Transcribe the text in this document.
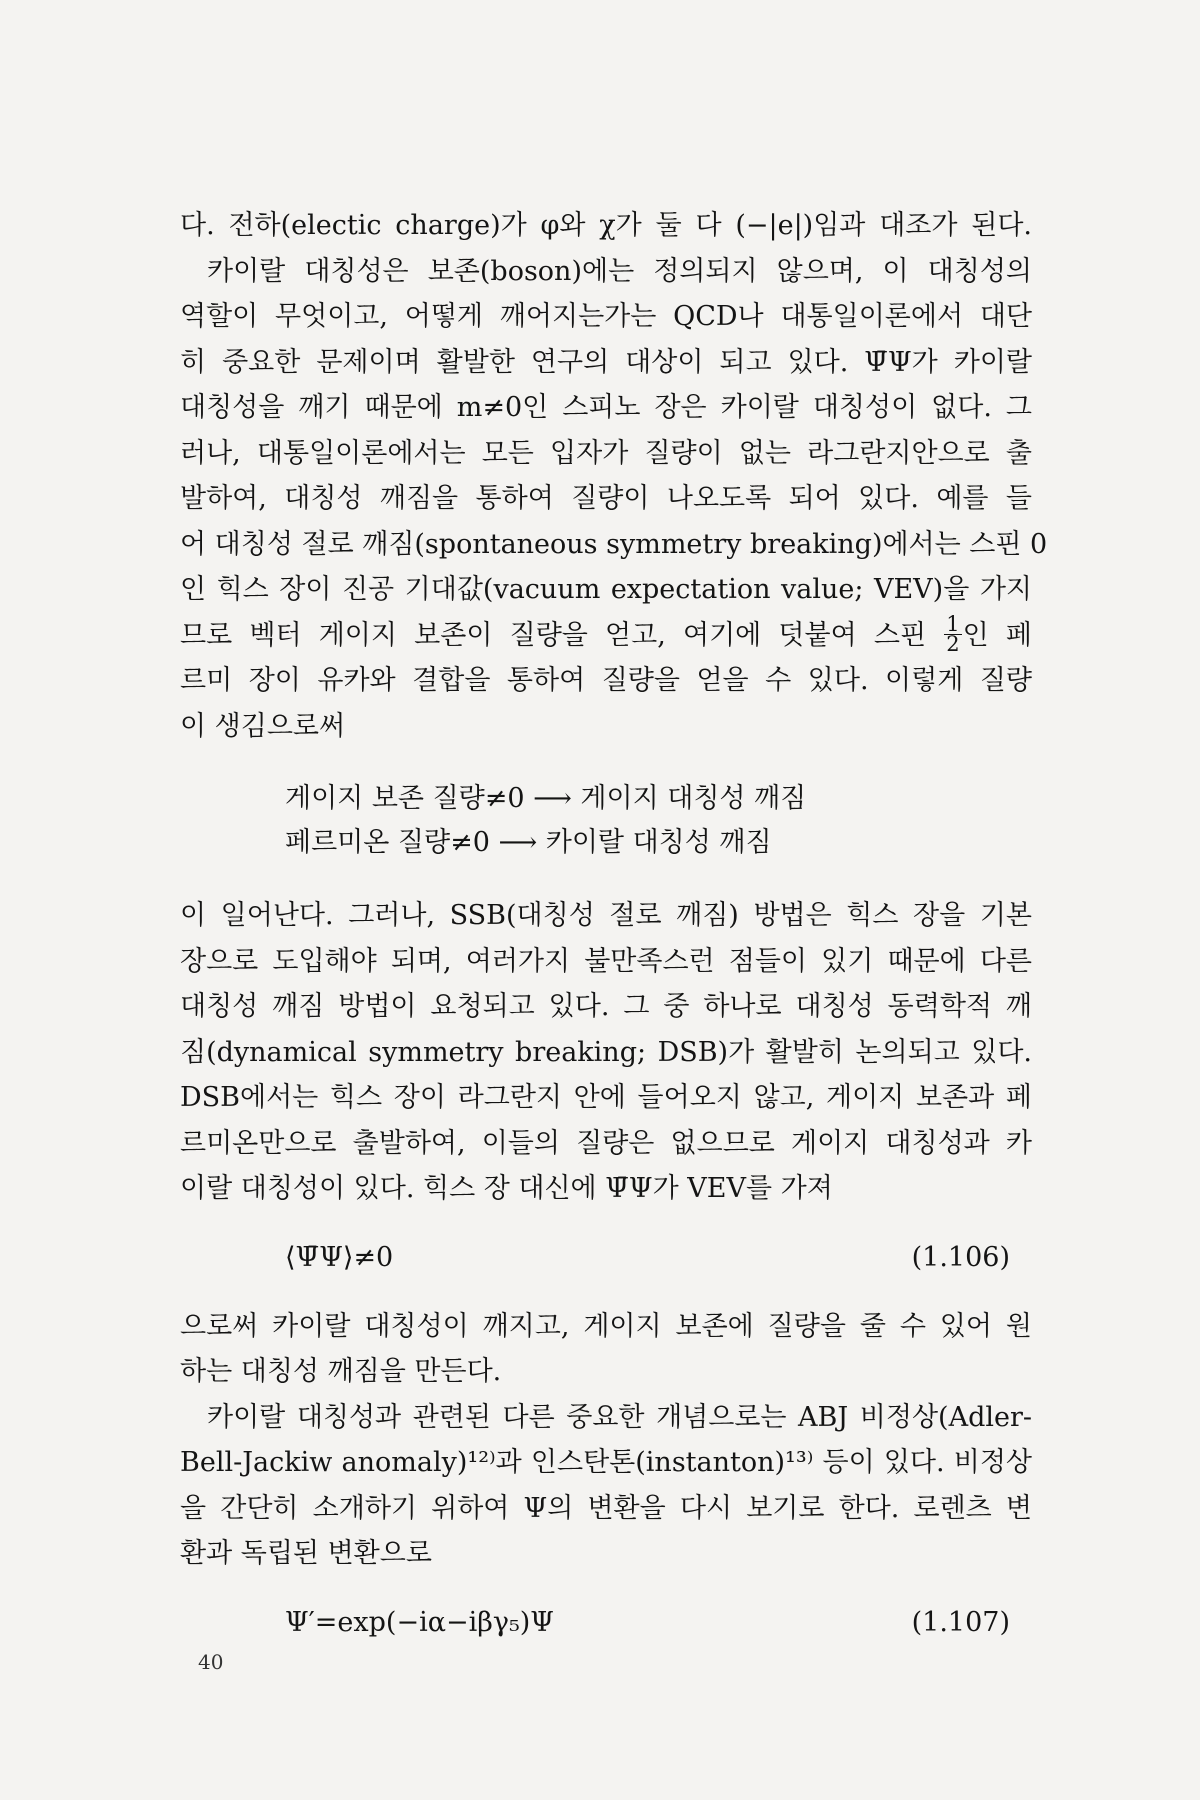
다. 전하(electic charge)가 φ와 χ가 둘 다 (−|e|)임과 대조가 된다.
카이랄 대칭성은 보존(boson)에는 정의되지 않으며, 이 대칭성의
역할이 무엇이고, 어떻게 깨어지는가는 QCD나 대통일이론에서 대단
히 중요한 문제이며 활발한 연구의 대상이 되고 있다. Ψ̄Ψ가 카이랄
대칭성을 깨기 때문에 m≠0인 스피노 장은 카이랄 대칭성이 없다. 그
러나, 대통일이론에서는 모든 입자가 질량이 없는 라그란지안으로 출
발하여, 대칭성 깨짐을 통하여 질량이 나오도록 되어 있다. 예를 들
어 대칭성 절로 깨짐(spontaneous symmetry breaking)에서는 스핀 0
인 힉스 장이 진공 기대값(vacuum expectation value; VEV)을 가지
므로 벡터 게이지 보존이 질량을 얻고, 여기에 덧붙여 스핀 $\frac{1}{2}$ 인 페
르미 장이 유카와 결합을 통하여 질량을 얻을 수 있다. 이렇게 질량
이 생김으로써
게이지 보존 질량≠0 ⟶ 게이지 대칭성 깨짐
페르미온 질량≠0 ⟶ 카이랄 대칭성 깨짐
이 일어난다. 그러나, SSB(대칭성 절로 깨짐) 방법은 힉스 장을 기본
장으로 도입해야 되며, 여러가지 불만족스런 점들이 있기 때문에 다른
대칭성 깨짐 방법이 요청되고 있다. 그 중 하나로 대칭성 동력학적 깨
짐(dynamical symmetry breaking; DSB)가 활발히 논의되고 있다.
DSB에서는 힉스 장이 라그란지 안에 들어오지 않고, 게이지 보존과 페
르미온만으로 출발하여, 이들의 질량은 없으므로 게이지 대칭성과 카
이랄 대칭성이 있다. 힉스 장 대신에 Ψ̄Ψ가 VEV를 가져
⟨Ψ̄Ψ⟩≠0	(1.106)
으로써 카이랄 대칭성이 깨지고, 게이지 보존에 질량을 줄 수 있어 원
하는 대칭성 깨짐을 만든다.
카이랄 대칭성과 관련된 다른 중요한 개념으로는 ABJ 비정상(Adler-
Bell-Jackiw anomaly)¹²⁾과 인스탄톤(instanton)¹³⁾ 등이 있다. 비정상
을 간단히 소개하기 위하여 Ψ의 변환을 다시 보기로 한다. 로렌츠 변
환과 독립된 변환으로
Ψ′=exp(−iα−iβγ₅)Ψ	(1.107)
40
